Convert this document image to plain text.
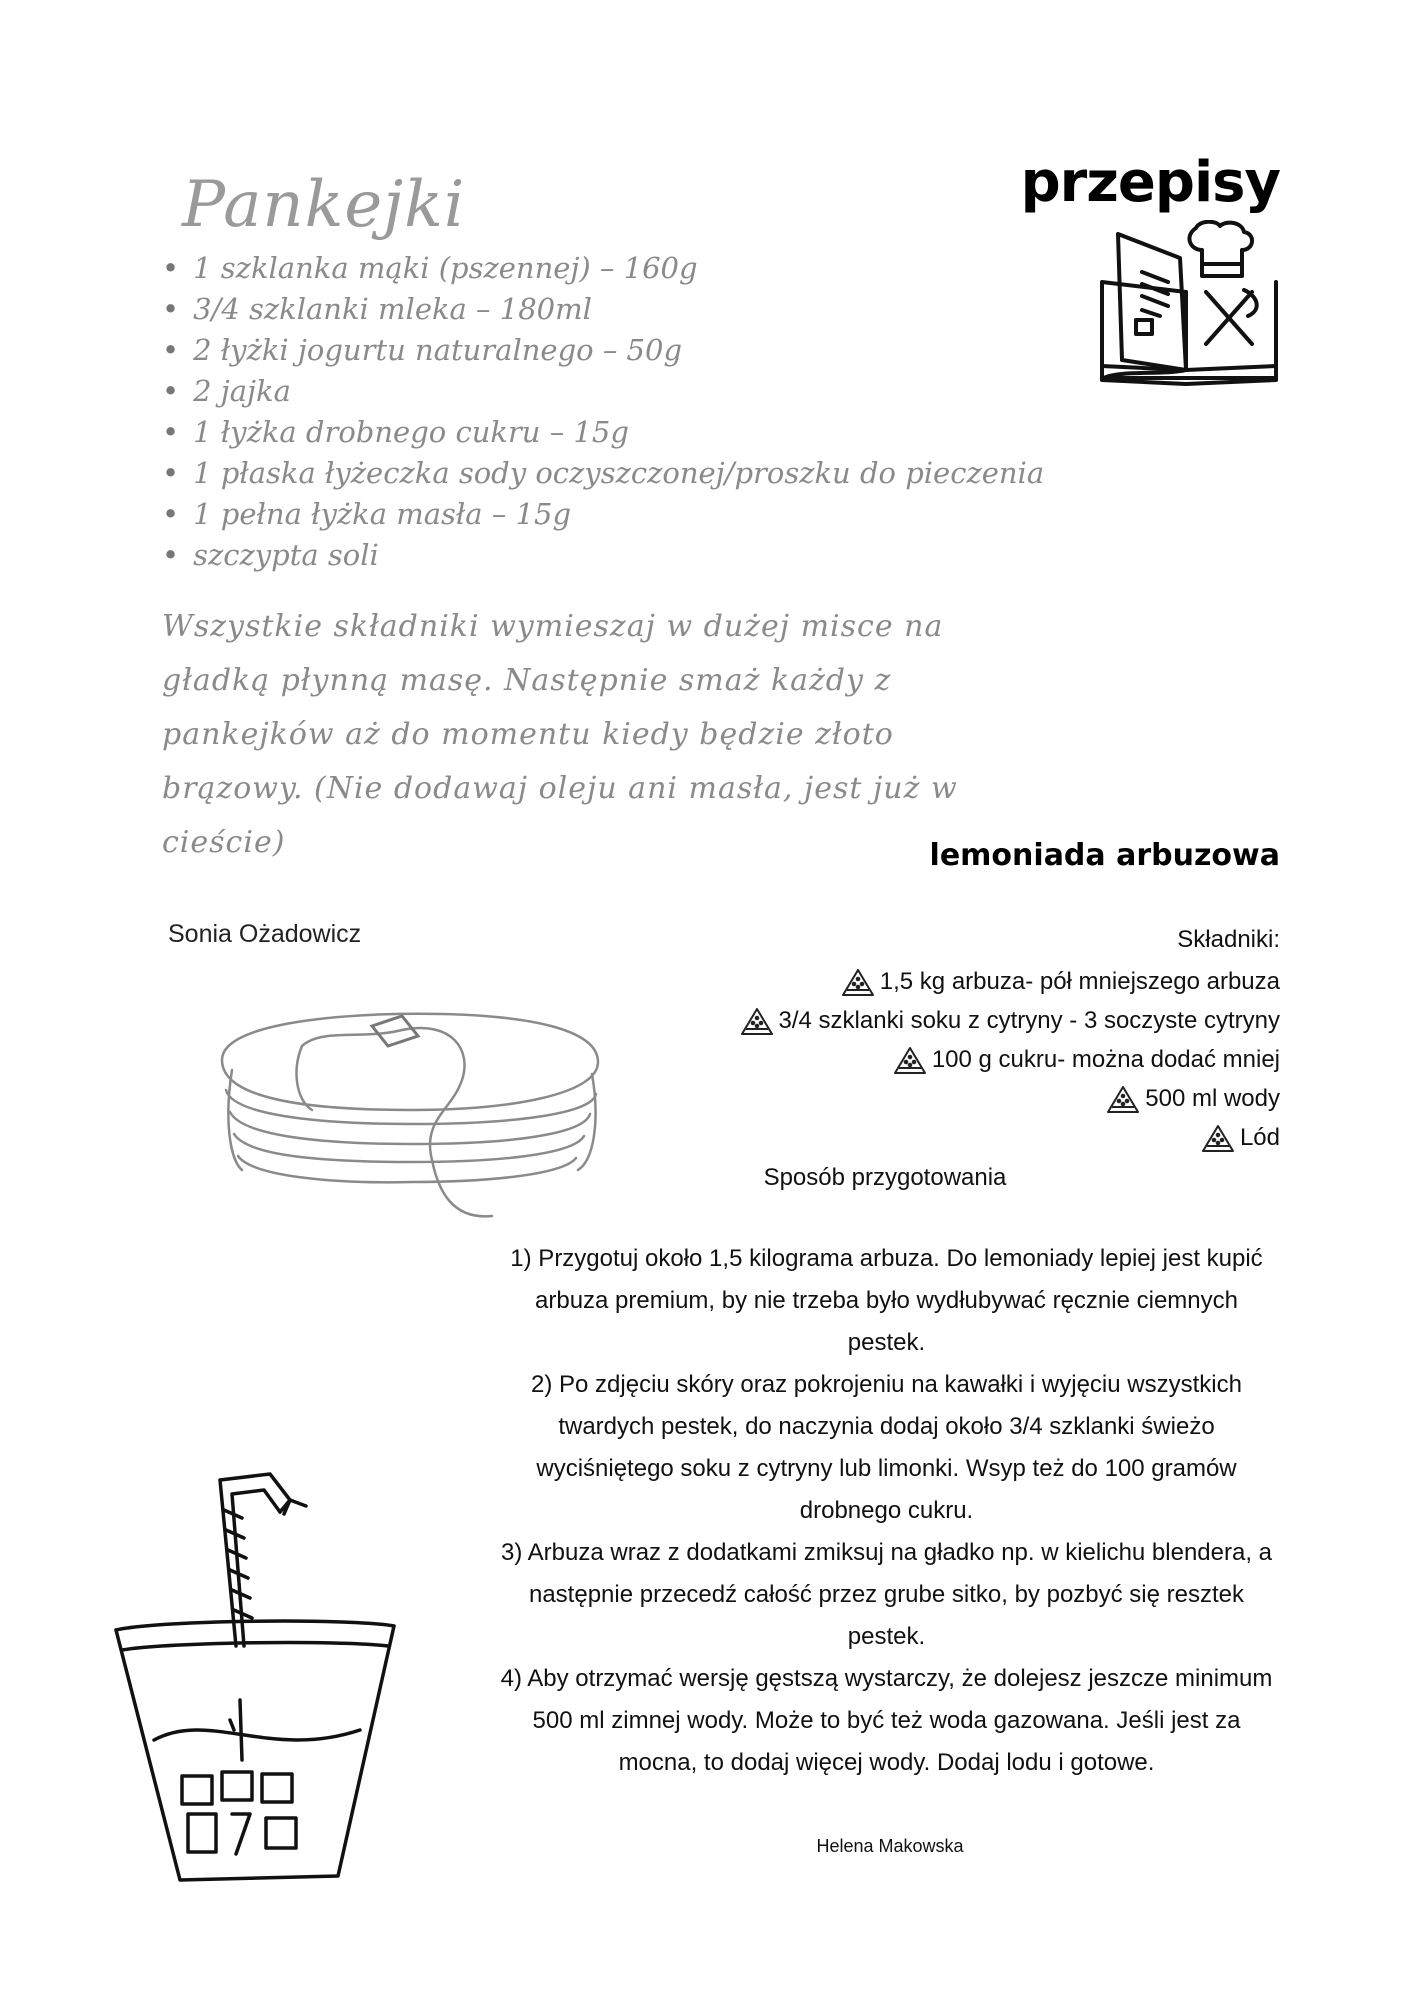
Pankejki
• 1 szklanka mąki (pszennej) – 160g
• 3/4 szklanki mleka – 180ml
• 2 łyżki jogurtu naturalnego – 50g
• 2 jajka
• 1 łyżka drobnego cukru – 15g
• 1 płaska łyżeczka sody oczyszczonej/proszku do pieczenia
• 1 pełna łyżka masła – 15g
• szczypta soli
Wszystkie składniki wymieszaj w dużej misce na gładką płynną masę. Następnie smaż każdy z pankejków aż do momentu kiedy będzie złoto brązowy. (Nie dodawaj oleju ani masła, jest już w cieście)
przepisy
lemoniada arbuzowa
Sonia Ożadowicz	Składniki:
1,5 kg arbuza- pół mniejszego arbuza
3/4 szklanki soku z cytryny - 3 soczyste cytryny
100 g cukru- można dodać mniej
500 ml wody
Lód
Sposób przygotowania

1) Przygotuj około 1,5 kilograma arbuza. Do lemoniady lepiej jest kupić arbuza premium, by nie trzeba było wydłubywać ręcznie ciemnych pestek.

2) Po zdjęciu skóry oraz pokrojeniu na kawałki i wyjęciu wszystkich twardych pestek, do naczynia dodaj około 3/4 szklanki świeżo wyciśniętego soku z cytryny lub limonki. Wsyp też do 100 gramów drobnego cukru.

3) Arbuza wraz z dodatkami zmiksuj na gładko np. w kielichu blendera, a następnie przecedź całość przez grube sitko, by pozbyć się resztek pestek.

4) Aby otrzymać wersję gęstszą wystarczy, że dolejesz jeszcze minimum 500 ml zimnej wody. Może to być też woda gazowana. Jeśli jest za mocna, to dodaj więcej wody. Dodaj lodu i gotowe.

Helena Makowska
